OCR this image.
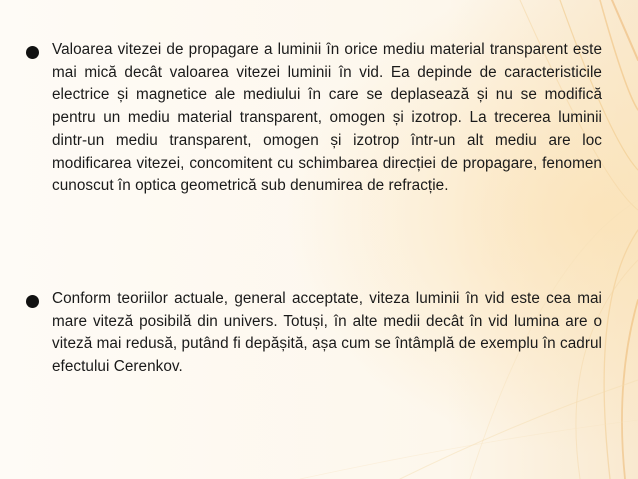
Valoarea vitezei de propagare a luminii în orice mediu material transparent este mai mică decât valoarea vitezei luminii în vid. Ea depinde de caracteristicile electrice și magnetice ale mediului în care se deplasează și nu se modifică pentru un mediu material transparent, omogen și izotrop. La trecerea luminii dintr-un mediu transparent, omogen și izotrop într-un alt mediu are loc modificarea vitezei, concomitent cu schimbarea direcției de propagare, fenomen cunoscut în optica geometrică sub denumirea de refracție.
Conform teoriilor actuale, general acceptate, viteza luminii în vid este cea mai mare viteză posibilă din univers. Totuși, în alte medii decât în vid lumina are o viteză mai redusă, putând fi depășită, așa cum se întâmplă de exemplu în cadrul efectului Cerenkov.
